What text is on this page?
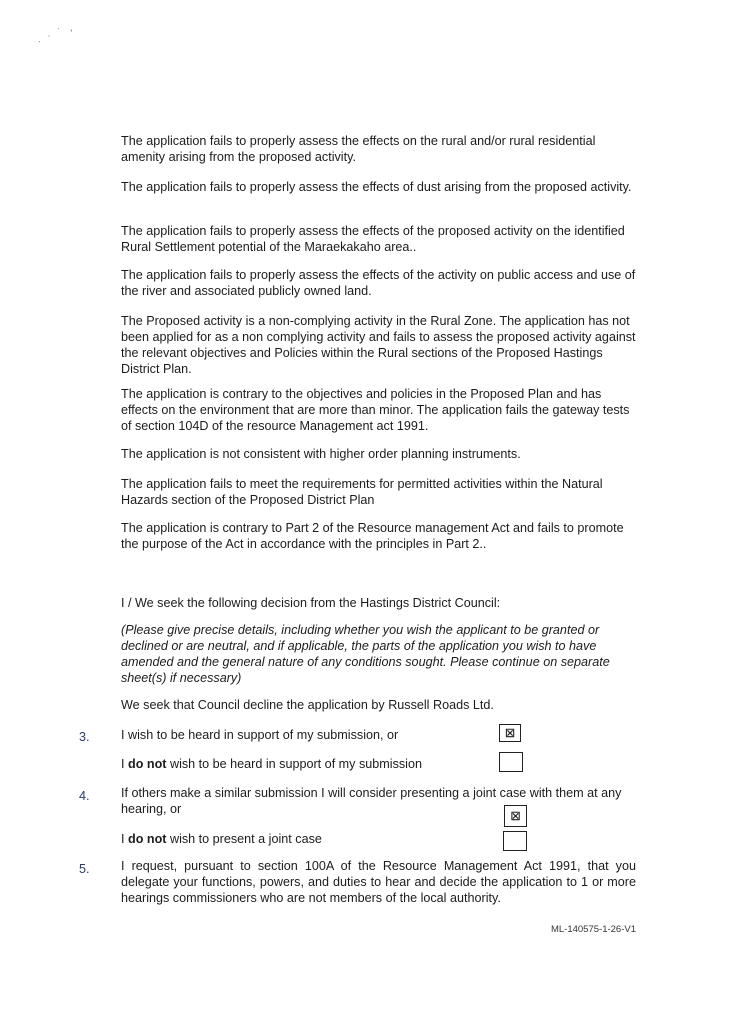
. · ˙ ,

The application fails to properly assess the effects on the rural and/or rural residential amenity arising from the proposed activity.

The application fails to properly assess the effects of dust arising from the proposed activity.

The application fails to properly assess the effects of the proposed activity on the identified Rural Settlement potential of the Maraekakaho area..

The application fails to properly assess the effects of the activity on public access and use of the river and associated publicly owned land.

The Proposed activity is a non-complying activity in the Rural Zone. The application has not been applied for as a non complying activity and fails to assess the proposed activity against the relevant objectives and Policies within the Rural sections of the Proposed Hastings District Plan.

The application is contrary to the objectives and policies in the Proposed Plan and has effects on the environment that are more than minor. The application fails the gateway tests of section 104D of the resource Management act 1991.

The application is not consistent with higher order planning instruments.

The application fails to meet the requirements for permitted activities within the Natural Hazards section of the Proposed District Plan

The application is contrary to Part 2 of the Resource management Act and fails to promote the purpose of the Act in accordance with the principles in Part 2..

I / We seek the following decision from the Hastings District Council:

(Please give precise details, including whether you wish the applicant to be granted or declined or are neutral, and if applicable, the parts of the application you wish to have amended and the general nature of any conditions sought. Please continue on separate sheet(s) if necessary)

We seek that Council decline the application by Russell Roads Ltd.

3. I wish to be heard in support of my submission, or	☒
I do not wish to be heard in support of my submission
4. If others make a similar submission I will consider presenting a joint case with them at any hearing, or

☒
I do not wish to present a joint case
5. I request, pursuant to section 100A of the Resource Management Act 1991, that you delegate your functions, powers, and duties to hear and decide the application to 1 or more hearings commissioners who are not members of the local authority.

ML-140575-1-26-V1
